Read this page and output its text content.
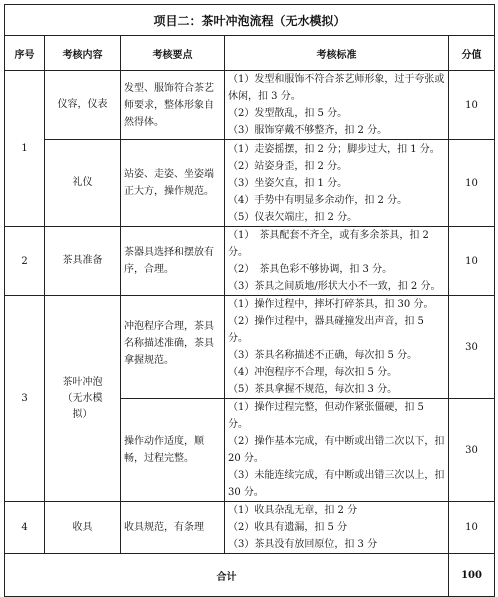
项目二：茶叶冲泡流程（无水模拟）				
序号	考核内容	考核要点	考核标准	分值
1	仪容，仪表	发型、服饰符合茶艺师要求，整体形象自然得体。	（1）发型和服饰不符合茶艺师形象，过于夸张或休闲，扣 3 分。
（2）发型散乱，扣 5 分。
（3）服饰穿戴不够整齐，扣 2 分。	10
	礼仪	站姿、走姿、坐姿端正大方，操作规范。	（1）走姿摇摆，扣 2 分；脚步过大，扣 1 分。
（2）站姿身歪，扣 2 分。
（3）坐姿欠直，扣 1 分。
（4）手势中有明显多余动作，扣 2 分。
（5）仪表欠端庄，扣 2 分。	10
2	茶具准备	茶器具选择和摆放有序，合理。	（1）　茶具配套不齐全，或有多余茶具，扣 2 分。
（2）　茶具色彩不够协调，扣 3 分。
（3）茶具之间质地/形状大小不一致，扣 2 分。	10
3	茶叶冲泡（无水模拟）	冲泡程序合理，茶具名称描述准确，茶具拿握规范。	（1）操作过程中，摔坏打碎茶具，扣 30 分。
（2）操作过程中，器具碰撞发出声音，扣 5 分。
（3）茶具名称描述不正确，每次扣 5 分。
（4）冲泡程序不合理，每次扣 5 分。
（5）茶具拿握不规范，每次扣 3 分。	30
		操作动作适度，顺畅，过程完整。	（1）操作过程完整，但动作紧张僵硬，扣 5 分。
（2）操作基本完成，有中断或出错二次以下，扣 20 分。
（3）未能连续完成，有中断或出错三次以上，扣　30 分。	30
4	收具	收具规范，有条理	（1）收具杂乱无章，扣 2 分
（2）收具有遗漏，扣 5 分
（3）茶具没有放回原位，扣 3 分	10
合计				100
